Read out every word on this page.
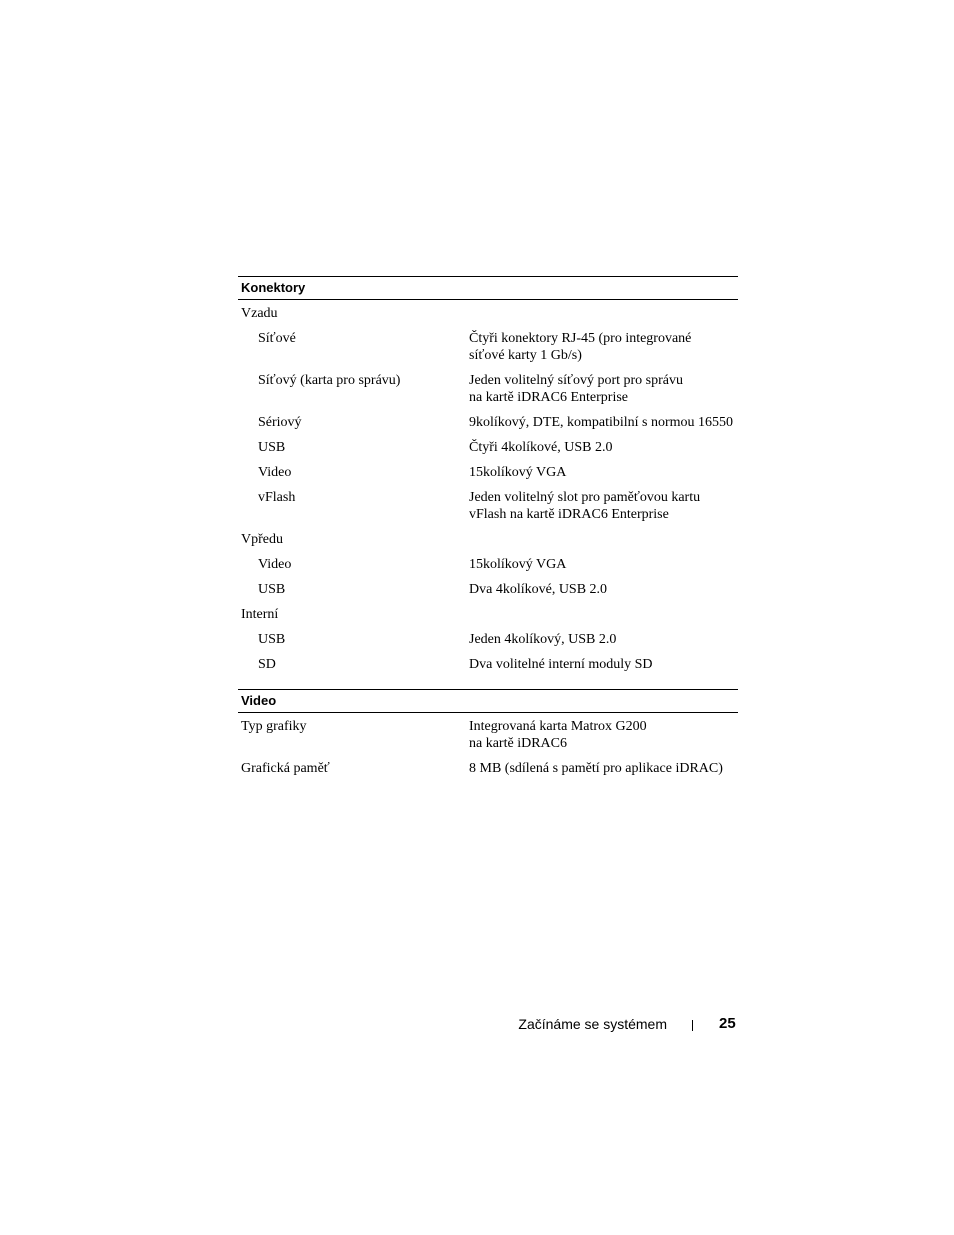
Konektory
Vzadu
Síťové	Čtyři konektory RJ-45 (pro integrované
síťové karty 1 Gb/s)
Síťový (karta pro správu)	Jeden volitelný síťový port pro správu
na kartě iDRAC6 Enterprise
Sériový	9kolíkový, DTE, kompatibilní s normou 16550
USB	Čtyři 4kolíkové, USB 2.0
Video	15kolíkový VGA
vFlash	Jeden volitelný slot pro paměťovou kartu
vFlash na kartě iDRAC6 Enterprise
Vpředu
Video	15kolíkový VGA
USB	Dva 4kolíkové, USB 2.0
Interní
USB	Jeden 4kolíkový, USB 2.0
SD	Dva volitelné interní moduly SD
Video
Typ grafiky	Integrovaná karta Matrox G200
na kartě iDRAC6
Grafická paměť	8 MB (sdílená s pamětí pro aplikace iDRAC)
Začínáme se systémem	25
